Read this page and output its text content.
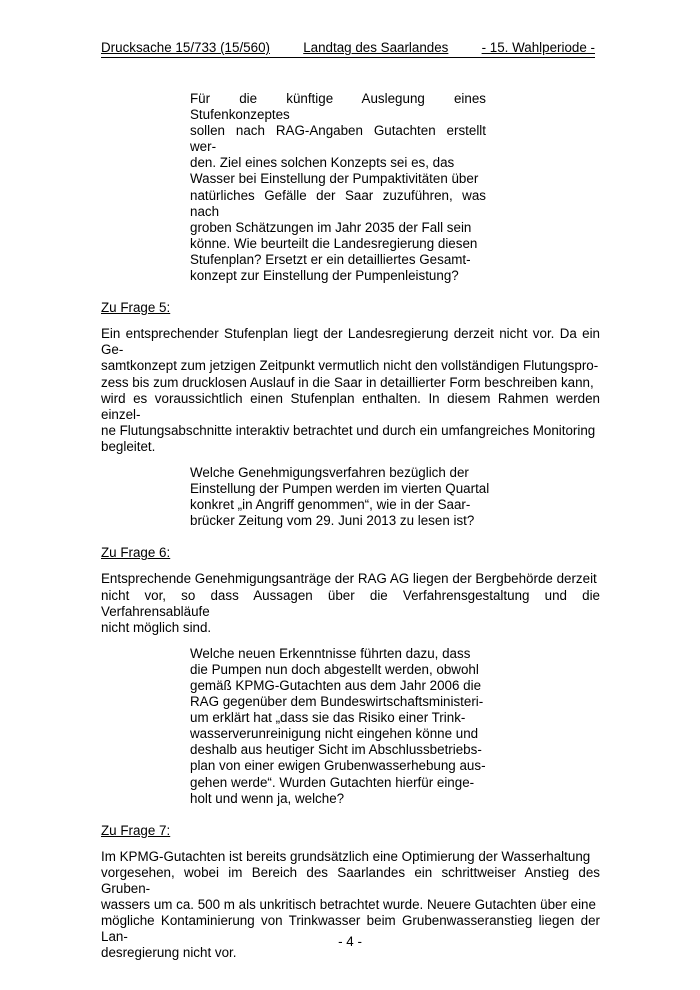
Drucksache 15/733 (15/560) Landtag des Saarlandes - 15. Wahlperiode -

Für die künftige Auslegung eines Stufenkonzeptes
sollen nach RAG-Angaben Gutachten erstellt wer-
den. Ziel eines solchen Konzepts sei es, das
Wasser bei Einstellung der Pumpaktivitäten über
natürliches Gefälle der Saar zuzuführen, was nach
groben Schätzungen im Jahr 2035 der Fall sein
könne. Wie beurteilt die Landesregierung diesen
Stufenplan? Ersetzt er ein detailliertes Gesamt-
konzept zur Einstellung der Pumpenleistung?

Zu Frage 5:

Ein entsprechender Stufenplan liegt der Landesregierung derzeit nicht vor. Da ein Ge-
samtkonzept zum jetzigen Zeitpunkt vermutlich nicht den vollständigen Flutungspro-
zess bis zum drucklosen Auslauf in die Saar in detaillierter Form beschreiben kann,
wird es voraussichtlich einen Stufenplan enthalten. In diesem Rahmen werden einzel-
ne Flutungsabschnitte interaktiv betrachtet und durch ein umfangreiches Monitoring
begleitet.

Welche Genehmigungsverfahren bezüglich der
Einstellung der Pumpen werden im vierten Quartal
konkret „in Angriff genommen“, wie in der Saar-
brücker Zeitung vom 29. Juni 2013 zu lesen ist?

Zu Frage 6:

Entsprechende Genehmigungsanträge der RAG AG liegen der Bergbehörde derzeit
nicht vor, so dass Aussagen über die Verfahrensgestaltung und die Verfahrensabläufe
nicht möglich sind.

Welche neuen Erkenntnisse führten dazu, dass
die Pumpen nun doch abgestellt werden, obwohl
gemäß KPMG-Gutachten aus dem Jahr 2006 die
RAG gegenüber dem Bundeswirtschaftsministeri-
um erklärt hat „dass sie das Risiko einer Trink-
wasserverunreinigung nicht eingehen könne und
deshalb aus heutiger Sicht im Abschlussbetriebs-
plan von einer ewigen Grubenwasserhebung aus-
gehen werde“. Wurden Gutachten hierfür einge-
holt und wenn ja, welche?

Zu Frage 7:

Im KPMG-Gutachten ist bereits grundsätzlich eine Optimierung der Wasserhaltung
vorgesehen, wobei im Bereich des Saarlandes ein schrittweiser Anstieg des Gruben-
wassers um ca. 500 m als unkritisch betrachtet wurde. Neuere Gutachten über eine
mögliche Kontaminierung von Trinkwasser beim Grubenwasseranstieg liegen der Lan-
desregierung nicht vor.

- 4 -
